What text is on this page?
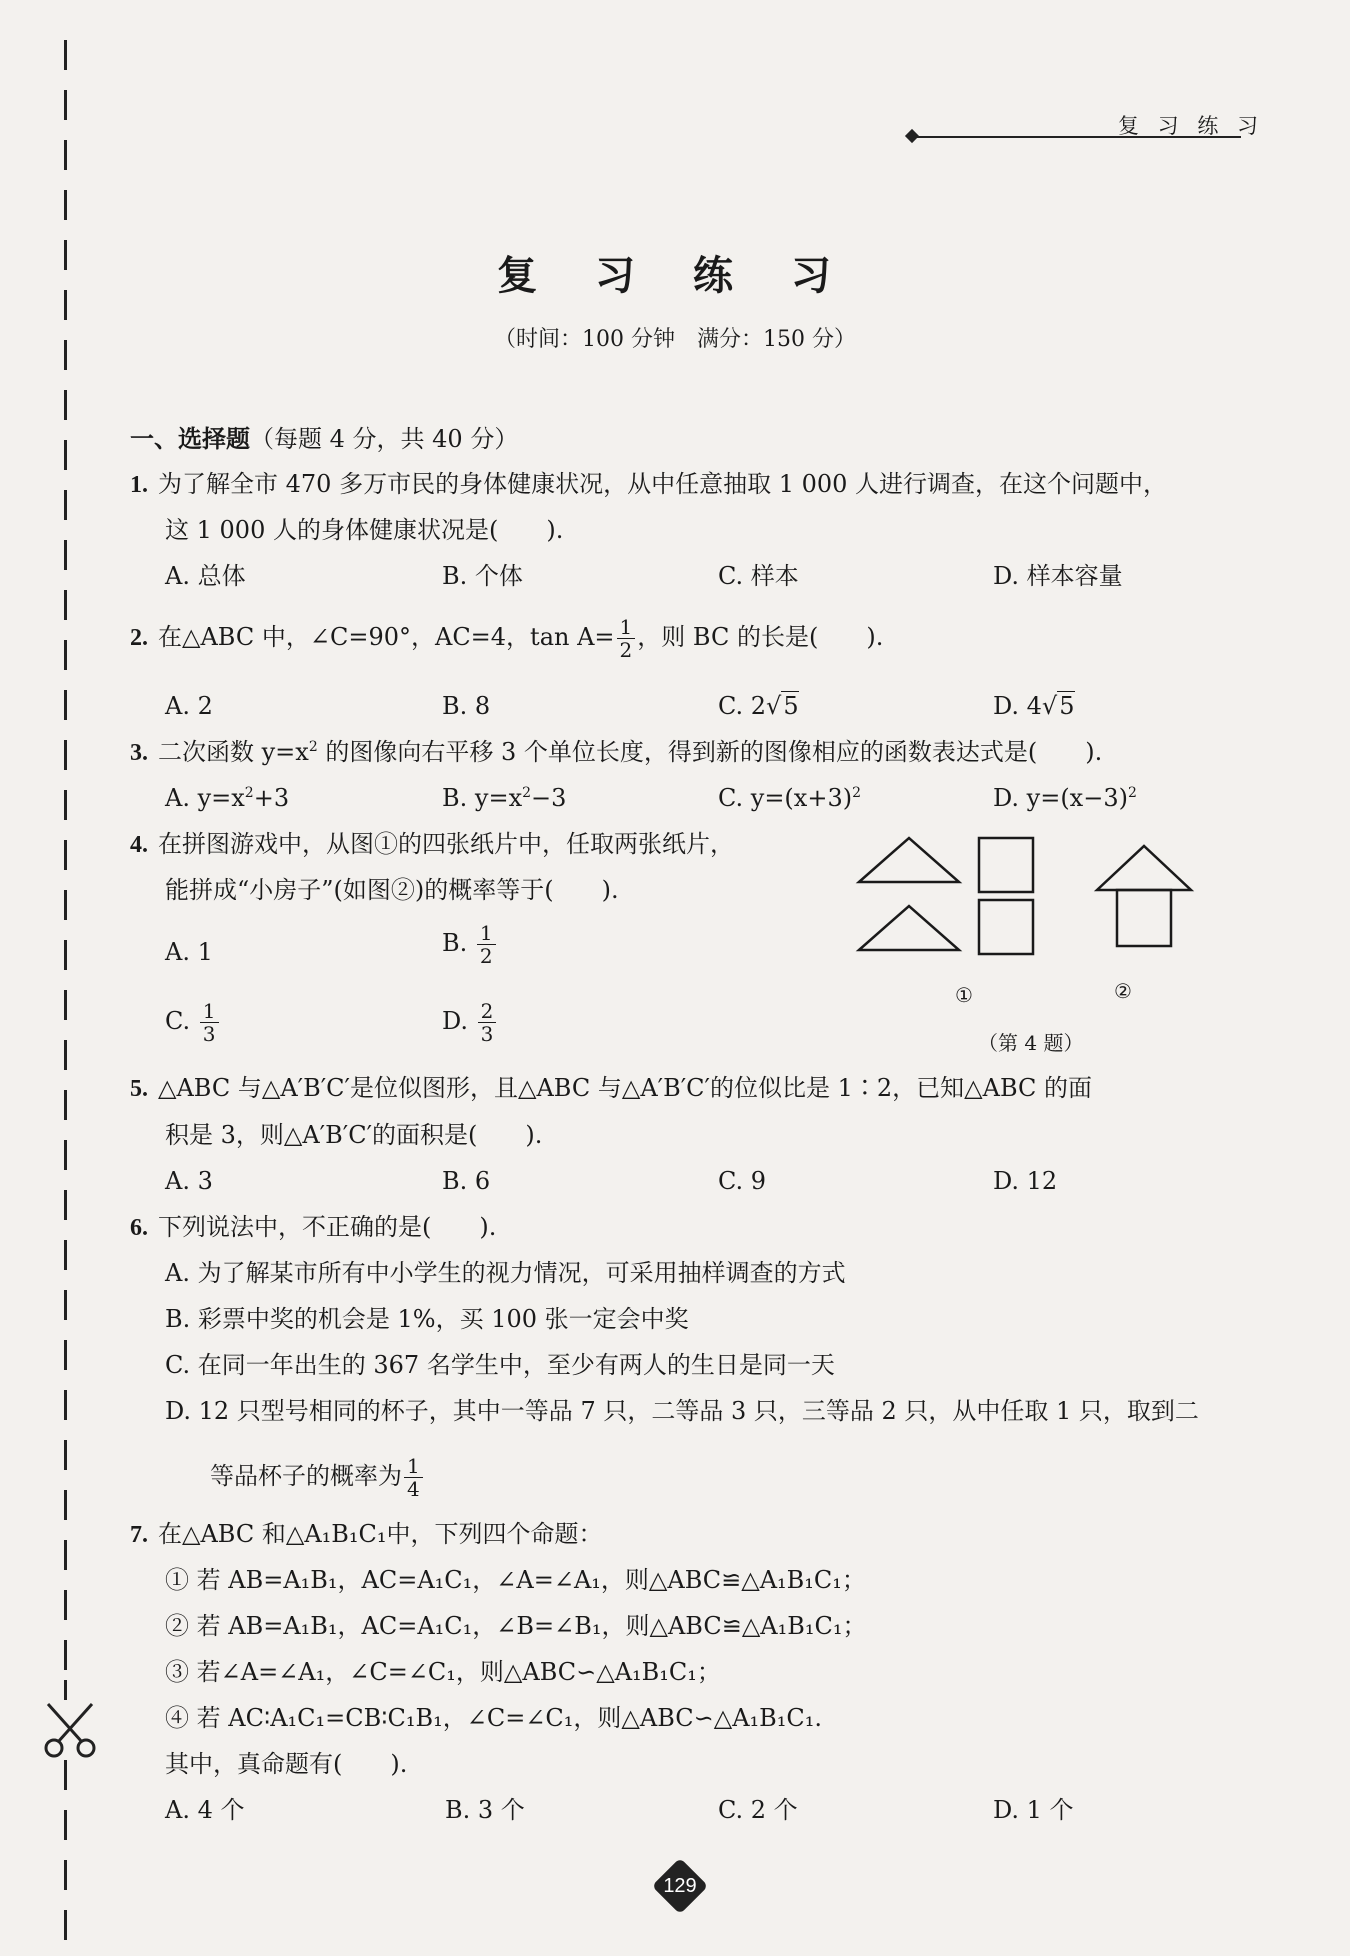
复 习 练 习
复 习 练 习
（时间：100 分钟　满分：150 分）
一、选择题（每题 4 分，共 40 分）
1. 为了解全市 470 多万市民的身体健康状况，从中任意抽取 1 000 人进行调查，在这个问题中，
这 1 000 人的身体健康状况是(　　).
A. 总体	B. 个体	C. 样本	D. 样本容量
2. 在△ABC 中，∠C=90°，AC=4，$\tan A= \frac{1}{2}$ ，则 BC 的长是(　　).
A. 2	B. 8	C. 2√5	D. 4√5
3. 二次函数 $y=x^2$ 的图像向右平移 3 个单位长度，得到新的图像相应的函数表达式是(　　).
A. $y=x^2+3$	B. $y=x^2-3$	C. $y=(x+3)^2$	D. $y=(x-3)^2$
4. 在拼图游戏中，从图①的四张纸片中，任取两张纸片，
能拼成“小房子”(如图②)的概率等于(　　).
A. 1	B. $\frac{1}{2}$
C. $\frac{1}{3}$	D. $\frac{2}{3}$
①	②
（第 4 题）
5. △ABC 与△A′B′C′是位似图形，且△ABC 与△A′B′C′的位似比是 1∶2，已知△ABC 的面
积是 3，则△A′B′C′的面积是(　　).
A. 3	B. 6	C. 9	D. 12
6. 下列说法中，不正确的是(　　).
A. 为了解某市所有中小学生的视力情况，可采用抽样调查的方式
B. 彩票中奖的机会是 1%，买 100 张一定会中奖
C. 在同一年出生的 367 名学生中，至少有两人的生日是同一天
D. 12 只型号相同的杯子，其中一等品 7 只，二等品 3 只，三等品 2 只，从中任取 1 只，取到二
等品杯子的概率为 $\frac{1}{4}$
7. 在△ABC 和△A₁B₁C₁中，下列四个命题：
① 若 AB=A₁B₁，AC=A₁C₁，∠A=∠A₁，则△ABC≌△A₁B₁C₁；
② 若 AB=A₁B₁，AC=A₁C₁，∠B=∠B₁，则△ABC≌△A₁B₁C₁；
③ 若∠A=∠A₁，∠C=∠C₁，则△ABC∽△A₁B₁C₁；
④ 若 AC∶A₁C₁=CB∶C₁B₁，∠C=∠C₁，则△ABC∽△A₁B₁C₁.
其中，真命题有(　　).
A. 4 个	B. 3 个	C. 2 个	D. 1 个
129
